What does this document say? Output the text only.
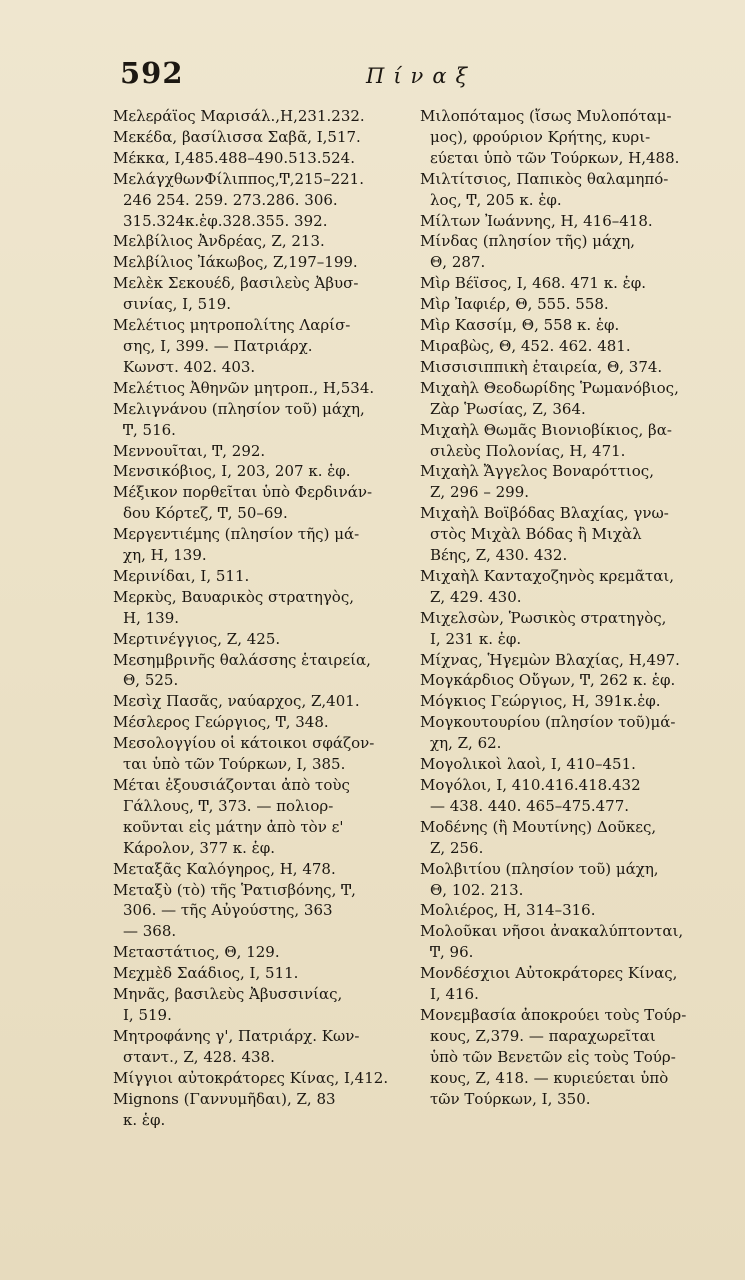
592	Πίναξ
Μελεράϊος Μαρισάλ.,Η,231.232.
Μεκέδα, βασίλισσα Σαβᾶ, Ι,517.
Μέκκα, Ι,485.488–490.513.524.
ΜελάγχθωνΦίλιππος,Ͳ,215–221.
246 254. 259. 273.286. 306.
315.324κ.ἑφ.328.355. 392.
Μελβίλιος Ἀνδρέας, Ζ, 213.
Μελβίλιος Ἰάκωβος, Ζ,197–199.
Μελὲκ Σεκουέδ, βασιλεὺς Ἀβυσ-
σινίας, Ι, 519.
Μελέτιος μητροπολίτης Λαρίσ-
σης, Ι, 399. — Πατριάρχ.
Κωνστ. 402. 403.
Μελέτιος Ἀθηνῶν μητροπ., Η,534.
Μελιγνάνου (πλησίον τοῦ) μάχη,
Ͳ, 516.
Μεννουῖται, Ͳ, 292.
Μενσικόβιος, Ι, 203, 207 κ. ἑφ.
Μέξικον πορθεῖται ὑπὸ Φερδινάν-
δου Κόρτεζ, Ͳ, 50–69.
Μεργεντιέμης (πλησίον τῆς) μά-
χη, Η, 139.
Μερινίδαι, Ι, 511.
Μερκὺς, Βαυαρικὸς στρατηγὸς,
Η, 139.
Μερτινέγγιος, Ζ, 425.
Μεσημβρινῆς θαλάσσης ἑταιρεία,
Θ, 525.
Μεσὶχ Πασᾶς, ναύαρχος, Ζ,401.
Μέσλερος Γεώργιος, Ͳ, 348.
Μεσολογγίου οἱ κάτοικοι σφάζον-
ται ὑπὸ τῶν Τούρκων, Ι, 385.
Μέται ἐξουσιάζονται ἀπὸ τοὺς
Γάλλους, Ͳ, 373. — πολιορ-
κοῦνται εἰς μάτην ἀπὸ τὸν ε'
Κάρολον, 377 κ. ἑφ.
Μεταξᾶς Καλόγηρος, Η, 478.
Μεταξὺ (τὸ) τῆς Ῥατισβόνης, Ͳ,
306. — τῆς Αὐγούστης, 363
— 368.
Μεταστάτιος, Θ, 129.
Μεχμὲδ Σαάδιος, Ι, 511.
Μηνᾶς, βασιλεὺς Ἀβυσσινίας,
Ι, 519.
Μητροφάνης γ', Πατριάρχ. Κων-
σταντ., Ζ, 428. 438.
Μίγγιοι αὐτοκράτορες Κίνας, Ι,412.
Mignons (Γαννυμῆδαι), Ζ, 83
κ. ἑφ.
Μιλοπόταμος (ἴσως Μυλοπόταμ-
μος), φρούριον Κρήτης, κυρι-
εύεται ὑπὸ τῶν Τούρκων, Η,488.
Μιλτίτσιος, Παπικὸς θαλαμηπό-
λος, Ͳ, 205 κ. ἑφ.
Μίλτων Ἰωάννης, Η, 416–418.
Μίνδας (πλησίον τῆς) μάχη,
Θ, 287.
Μὶρ Βέϊσος, Ι, 468. 471 κ. ἑφ.
Μὶρ Ἰαφιέρ, Θ, 555. 558.
Μὶρ Κασσίμ, Θ, 558 κ. ἑφ.
Μιραβὼς, Θ, 452. 462. 481.
Μισσισιππικὴ ἑταιρεία, Θ, 374.
Μιχαὴλ Θεοδωρίδης Ῥωμανόβιος,
Ζὰρ Ῥωσίας, Ζ, 364.
Μιχαὴλ Θωμᾶς Βιονιοβίκιος, βα-
σιλεὺς Πολονίας, Η, 471.
Μιχαὴλ Ἄγγελος Βοναρόττιος,
Ζ, 296 – 299.
Μιχαὴλ Βοϊβόδας Βλαχίας, γνω-
στὸς Μιχὰλ Βόδας ἢ Μιχὰλ
Βέης, Ζ, 430. 432.
Μιχαὴλ Κανταχοζηνὸς κρεμᾶται,
Ζ, 429. 430.
Μιχελσὼν, Ῥωσικὸς στρατηγὸς,
Ι, 231 κ. ἑφ.
Μίχνας, Ἡγεμὼν Βλαχίας, Η,497.
Μογκάρδιος Οὔγων, Ͳ, 262 κ. ἑφ.
Μόγκιος Γεώργιος, Η, 391κ.ἑφ.
Μογκουτουρίου (πλησίον τοῦ)μά-
χη, Ζ, 62.
Μογολικοὶ λαοὶ, Ι, 410–451.
Μογόλοι, Ι, 410.416.418.432
— 438. 440. 465–475.477.
Μοδένης (ἢ Μουτίνης) Δοῦκες,
Ζ, 256.
Μολβιτίου (πλησίον τοῦ) μάχη,
Θ, 102. 213.
Μολιέρος, Η, 314–316.
Μολοῦκαι νῆσοι ἀνακαλύπτονται,
Ͳ, 96.
Μονδέσχιοι Αὐτοκράτορες Κίνας,
Ι, 416.
Μονεμβασία ἀποκρούει τοὺς Τούρ-
κους, Ζ,379. — παραχωρεῖται
ὑπὸ τῶν Βενετῶν εἰς τοὺς Τούρ-
κους, Ζ, 418. — κυριεύεται ὑπὸ
τῶν Τούρκων, Ι, 350.
